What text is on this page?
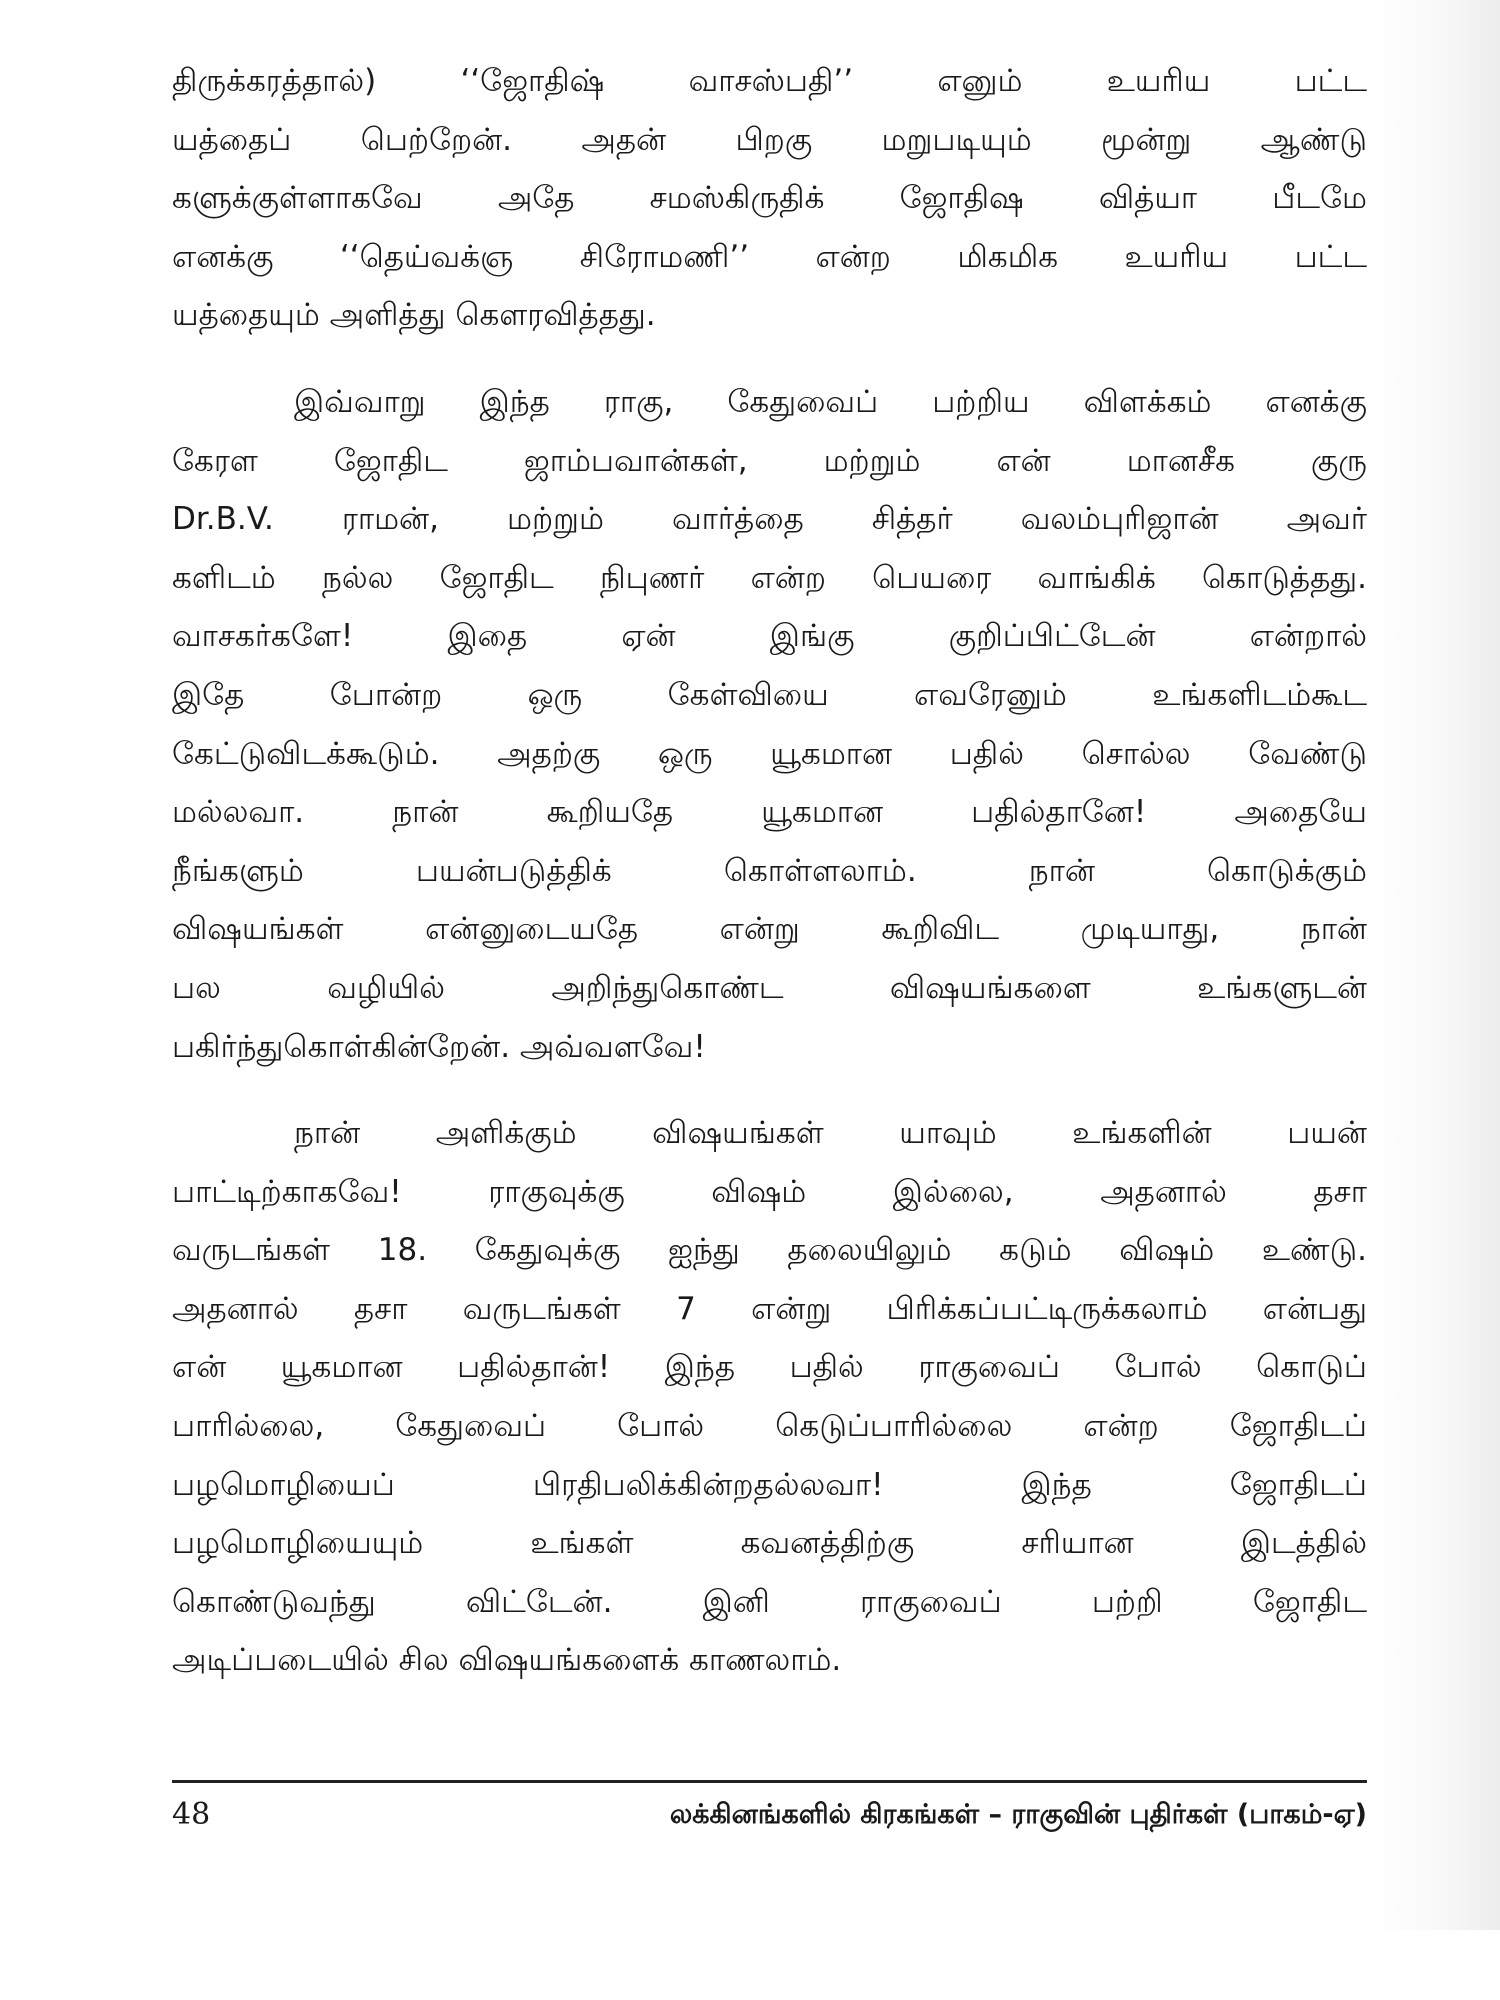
திருக்கரத்தால்) ‘‘ஜோதிஷ் வாசஸ்பதி’’ எனும் உயரிய பட்ட
யத்தைப் பெற்றேன். அதன் பிறகு மறுபடியும் மூன்று ஆண்டு
களுக்குள்ளாகவே அதே சமஸ்கிருதிக் ஜோதிஷ வித்யா பீடமே
எனக்கு ‘‘தெய்வக்ஞ சிரோமணி’’ என்ற மிகமிக உயரிய பட்ட
யத்தையும் அளித்து கௌரவித்தது.
இவ்வாறு இந்த ராகு, கேதுவைப் பற்றிய விளக்கம் எனக்கு
கேரள ஜோதிட ஜாம்பவான்கள், மற்றும் என் மானசீக குரு
Dr.B.V. ராமன், மற்றும் வார்த்தை சித்தர் வலம்புரிஜான் அவர்
களிடம் நல்ல ஜோதிட நிபுணர் என்ற பெயரை வாங்கிக் கொடுத்தது.
வாசகர்களே! இதை ஏன் இங்கு குறிப்பிட்டேன் என்றால்
இதே போன்ற ஒரு கேள்வியை எவரேனும் உங்களிடம்கூட
கேட்டுவிடக்கூடும். அதற்கு ஒரு யூகமான பதில் சொல்ல வேண்டு
மல்லவா. நான் கூறியதே யூகமான பதில்தானே! அதையே
நீங்களும் பயன்படுத்திக் கொள்ளலாம். நான் கொடுக்கும்
விஷயங்கள் என்னுடையதே என்று கூறிவிட முடியாது, நான்
பல வழியில் அறிந்துகொண்ட விஷயங்களை உங்களுடன்
பகிர்ந்துகொள்கின்றேன். அவ்வளவே!
நான் அளிக்கும் விஷயங்கள் யாவும் உங்களின் பயன்
பாட்டிற்காகவே! ராகுவுக்கு விஷம் இல்லை, அதனால் தசா
வருடங்கள் 18. கேதுவுக்கு ஐந்து தலையிலும் கடும் விஷம் உண்டு.
அதனால் தசா வருடங்கள் 7 என்று பிரிக்கப்பட்டிருக்கலாம் என்பது
என் யூகமான பதில்தான்! இந்த பதில் ராகுவைப் போல் கொடுப்
பாரில்லை, கேதுவைப் போல் கெடுப்பாரில்லை என்ற ஜோதிடப்
பழமொழியைப் பிரதிபலிக்கின்றதல்லவா! இந்த ஜோதிடப்
பழமொழியையும் உங்கள் கவனத்திற்கு சரியான இடத்தில்
கொண்டுவந்து விட்டேன். இனி ராகுவைப் பற்றி ஜோதிட
அடிப்படையில் சில விஷயங்களைக் காணலாம்.
48	லக்கினங்களில் கிரகங்கள் – ராகுவின் புதிர்கள் (பாகம்-ஏ)
